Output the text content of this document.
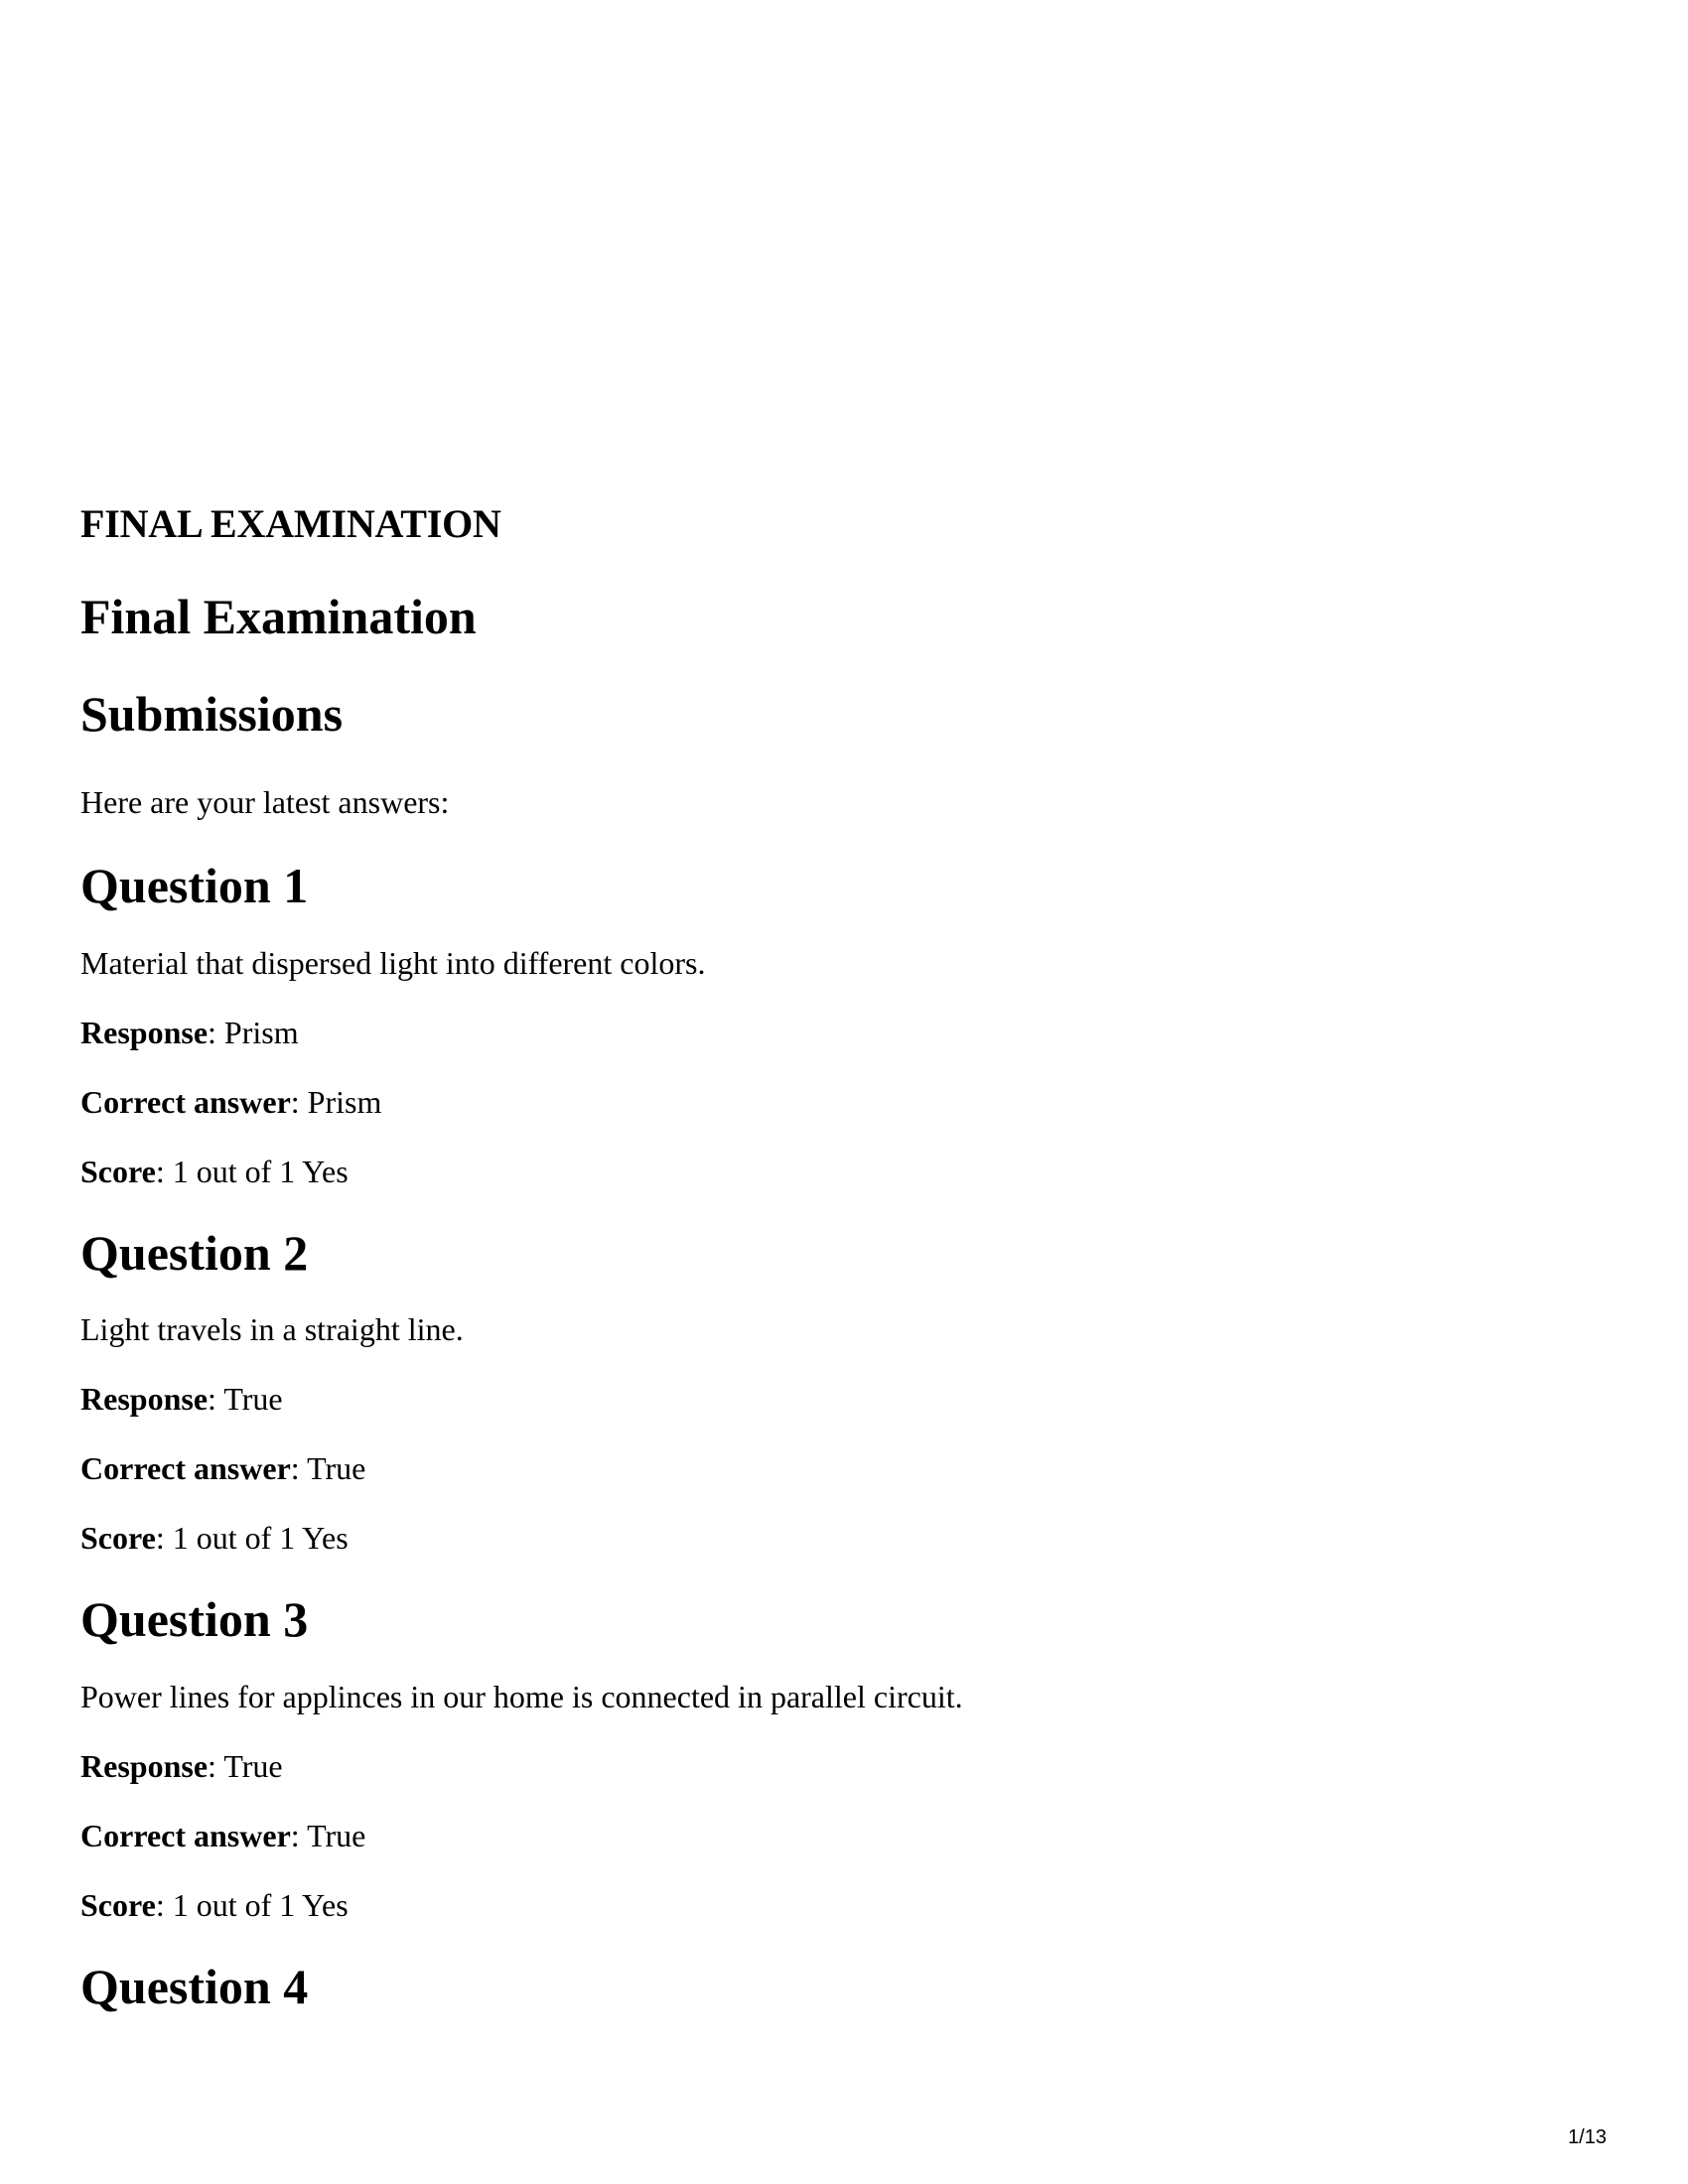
FINAL EXAMINATION
Final Examination
Submissions
Here are your latest answers:
Question 1
Material that dispersed light into different colors.
Response: Prism
Correct answer: Prism
Score: 1 out of 1 Yes
Question 2
Light travels in a straight line.
Response: True
Correct answer: True
Score: 1 out of 1 Yes
Question 3
Power lines for applinces in our home is connected in parallel circuit.
Response: True
Correct answer: True
Score: 1 out of 1 Yes
Question 4
1/13
